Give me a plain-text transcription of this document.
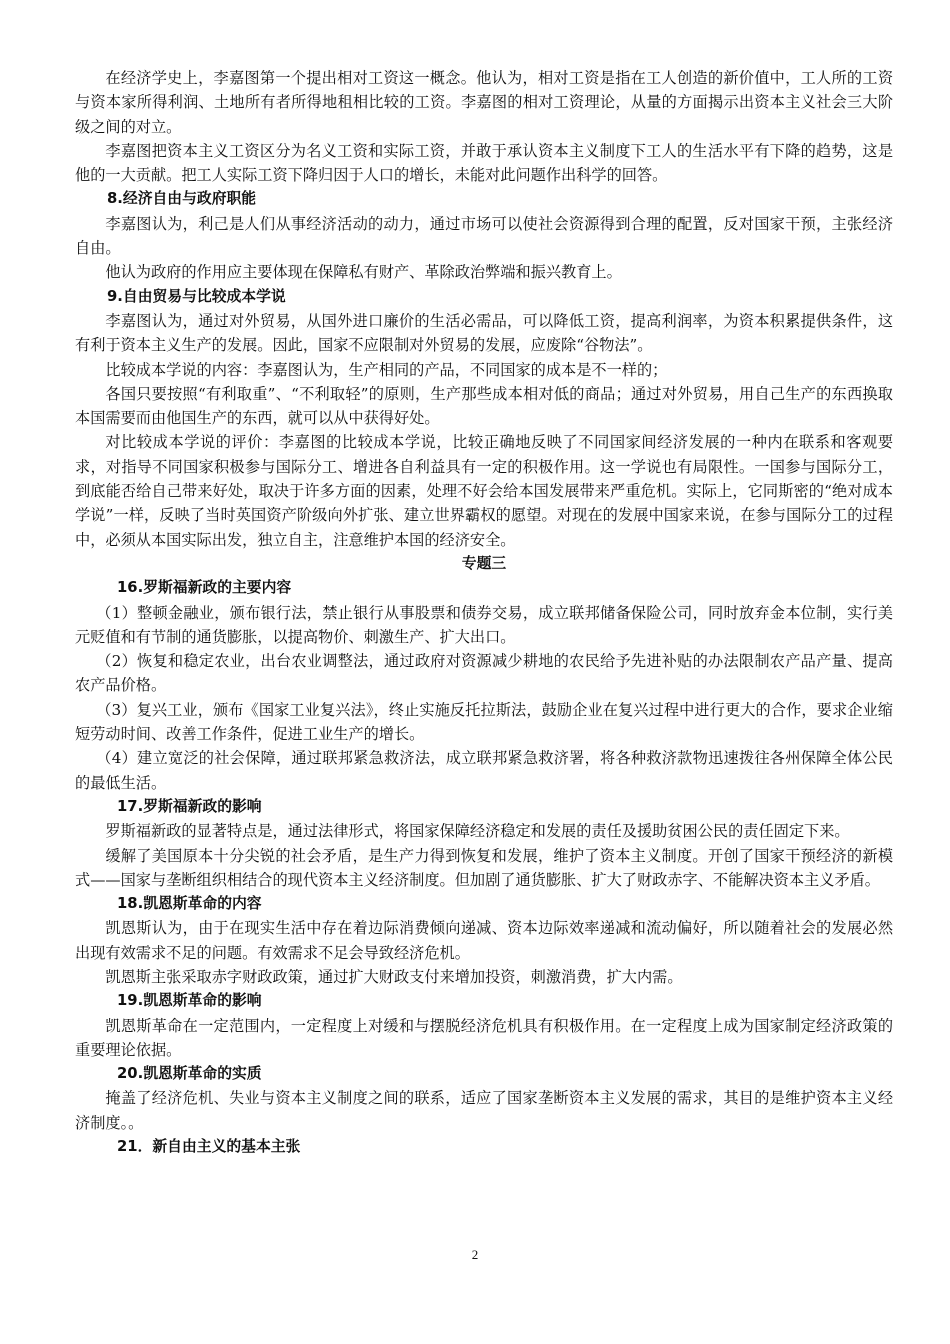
在经济学史上，李嘉图第一个提出相对工资这一概念。他认为，相对工资是指在工人创造的新价值中，工人所的工资与资本家所得利润、土地所有者所得地租相比较的工资。李嘉图的相对工资理论，从量的方面揭示出资本主义社会三大阶级之间的对立。

李嘉图把资本主义工资区分为名义工资和实际工资，并敢于承认资本主义制度下工人的生活水平有下降的趋势，这是他的一大贡献。把工人实际工资下降归因于人口的增长，未能对此问题作出科学的回答。

8.经济自由与政府职能

李嘉图认为，利己是人们从事经济活动的动力，通过市场可以使社会资源得到合理的配置，反对国家干预，主张经济自由。

他认为政府的作用应主要体现在保障私有财产、革除政治弊端和振兴教育上。

9.自由贸易与比较成本学说

李嘉图认为，通过对外贸易，从国外进口廉价的生活必需品，可以降低工资，提高利润率，为资本积累提供条件，这有利于资本主义生产的发展。因此，国家不应限制对外贸易的发展，应废除“谷物法”。

比较成本学说的内容：李嘉图认为，生产相同的产品，不同国家的成本是不一样的；

各国只要按照“有利取重”、“不利取轻”的原则，生产那些成本相对低的商品；通过对外贸易，用自己生产的东西换取本国需要而由他国生产的东西，就可以从中获得好处。

对比较成本学说的评价：李嘉图的比较成本学说，比较正确地反映了不同国家间经济发展的一种内在联系和客观要求，对指导不同国家积极参与国际分工、增进各自利益具有一定的积极作用。这一学说也有局限性。一国参与国际分工，到底能否给自己带来好处，取决于许多方面的因素，处理不好会给本国发展带来严重危机。实际上，它同斯密的“绝对成本学说”一样，反映了当时英国资产阶级向外扩张、建立世界霸权的愿望。对现在的发展中国家来说，在参与国际分工的过程中，必须从本国实际出发，独立自主，注意维护本国的经济安全。

专题三

16.罗斯福新政的主要内容

（1）整顿金融业，颁布银行法，禁止银行从事股票和债券交易，成立联邦储备保险公司，同时放弃金本位制，实行美元贬值和有节制的通货膨胀，以提高物价、刺激生产、扩大出口。

（2）恢复和稳定农业，出台农业调整法，通过政府对资源减少耕地的农民给予先进补贴的办法限制农产品产量、提高农产品价格。

（3）复兴工业，颁布《国家工业复兴法》，终止实施反托拉斯法，鼓励企业在复兴过程中进行更大的合作，要求企业缩短劳动时间、改善工作条件，促进工业生产的增长。

（4）建立宽泛的社会保障，通过联邦紧急救济法，成立联邦紧急救济署，将各种救济款物迅速拨往各州保障全体公民的最低生活。

17.罗斯福新政的影响

罗斯福新政的显著特点是，通过法律形式，将国家保障经济稳定和发展的责任及援助贫困公民的责任固定下来。

缓解了美国原本十分尖锐的社会矛盾，是生产力得到恢复和发展，维护了资本主义制度。开创了国家干预经济的新模式——国家与垄断组织相结合的现代资本主义经济制度。但加剧了通货膨胀、扩大了财政赤字、不能解决资本主义矛盾。

18.凯恩斯革命的内容

凯恩斯认为，由于在现实生活中存在着边际消费倾向递减、资本边际效率递减和流动偏好，所以随着社会的发展必然出现有效需求不足的问题。有效需求不足会导致经济危机。

凯恩斯主张采取赤字财政政策，通过扩大财政支付来增加投资，刺激消费，扩大内需。

19.凯恩斯革命的影响

凯恩斯革命在一定范围内，一定程度上对缓和与摆脱经济危机具有积极作用。在一定程度上成为国家制定经济政策的重要理论依据。

20.凯恩斯革命的实质

掩盖了经济危机、失业与资本主义制度之间的联系，适应了国家垄断资本主义发展的需求，其目的是维护资本主义经济制度。。

21．新自由主义的基本主张

2
